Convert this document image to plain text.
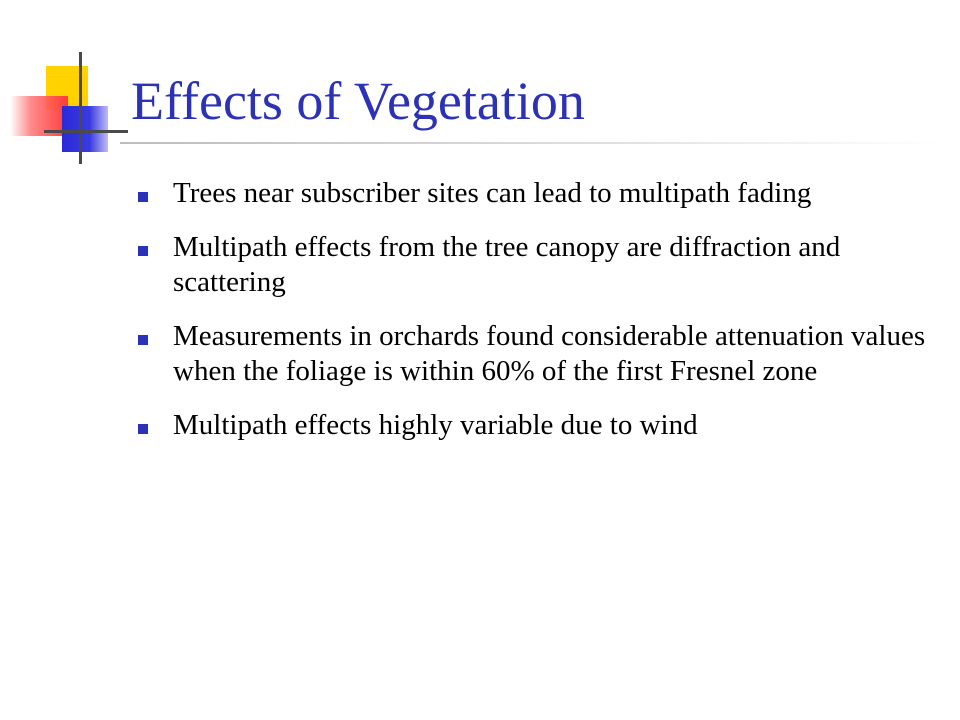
Effects of Vegetation
Trees near subscriber sites can lead to multipath fading
Multipath effects from the tree canopy are diffraction and scattering
Measurements in orchards found considerable attenuation values when the foliage is within 60% of the first Fresnel zone
Multipath effects highly variable due to wind
